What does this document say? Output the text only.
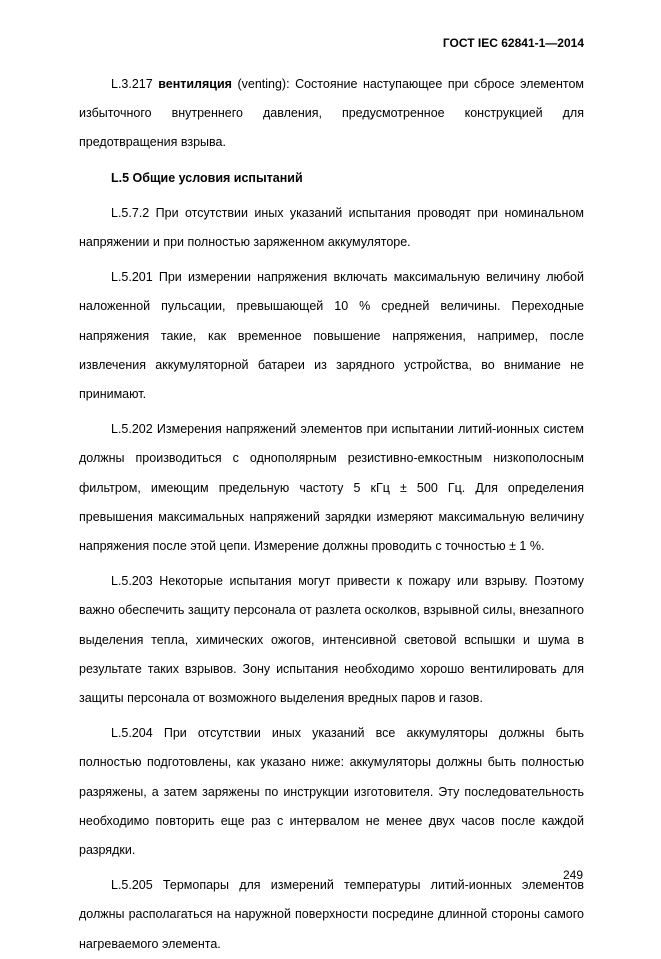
ГОСТ IEC 62841-1—2014

L.3.217 вентиляция (venting): Состояние наступающее при сбросе элементом избыточного внутреннего давления, предусмотренное конструкцией для предотвращения взрыва.

L.5 Общие условия испытаний

L.5.7.2 При отсутствии иных указаний испытания проводят при номинальном напряжении и при полностью заряженном аккумуляторе.

L.5.201 При измерении напряжения включать максимальную величину любой наложенной пульсации, превышающей 10 % средней величины. Переходные напряжения такие, как временное повышение напряжения, например, после извлечения аккумуляторной батареи из зарядного устройства, во внимание не принимают.

L.5.202 Измерения напряжений элементов при испытании литий-ионных систем должны производиться с однополярным резистивно-емкостным низкополосным фильтром, имеющим предельную частоту 5 кГц ± 500 Гц. Для определения превышения максимальных напряжений зарядки измеряют максимальную величину напряжения после этой цепи. Измерение должны проводить с точностью ± 1 %.

L.5.203 Некоторые испытания могут привести к пожару или взрыву. Поэтому важно обеспечить защиту персонала от разлета осколков, взрывной силы, внезапного выделения тепла, химических ожогов, интенсивной световой вспышки и шума в результате таких взрывов. Зону испытания необходимо хорошо вентилировать для защиты персонала от возможного выделения вредных паров и газов.

L.5.204 При отсутствии иных указаний все аккумуляторы должны быть полностью подготовлены, как указано ниже: аккумуляторы должны быть полностью разряжены, а затем заряжены по инструкции изготовителя. Эту последовательность необходимо повторить еще раз с интервалом не менее двух часов после каждой разрядки.

L.5.205 Термопары для измерений температуры литий-ионных элементов должны располагаться на наружной поверхности посредине длинной стороны самого нагреваемого элемента.

249
